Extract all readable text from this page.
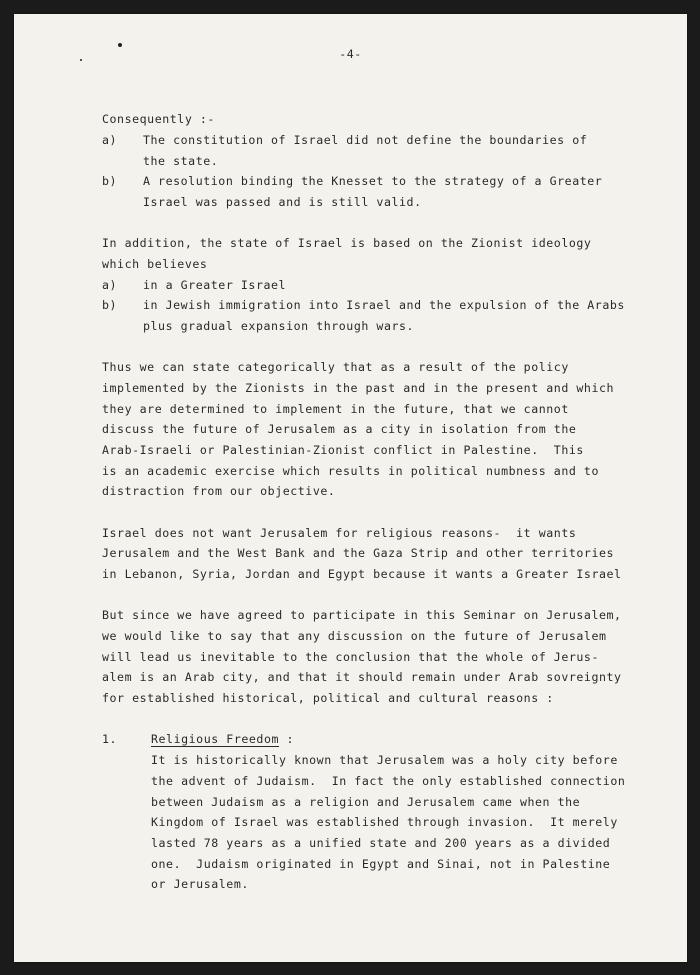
-4-
Consequently :-
a) The constitution of Israel did not define the boundaries of
the state.
b) A resolution binding the Knesset to the strategy of a Greater
Israel was passed and is still valid.
In addition, the state of Israel is based on the Zionist ideology
which believes
a) in a Greater Israel
b) in Jewish immigration into Israel and the expulsion of the Arabs
plus gradual expansion through wars.
Thus we can state categorically that as a result of the policy
implemented by the Zionists in the past and in the present and which
they are determined to implement in the future, that we cannot
discuss the future of Jerusalem as a city in isolation from the
Arab-Israeli or Palestinian-Zionist conflict in Palestine.  This
is an academic exercise which results in political numbness and to
distraction from our objective.
Israel does not want Jerusalem for religious reasons-  it wants
Jerusalem and the West Bank and the Gaza Strip and other territories
in Lebanon, Syria, Jordan and Egypt because it wants a Greater Israel
But since we have agreed to participate in this Seminar on Jerusalem,
we would like to say that any discussion on the future of Jerusalem
will lead us inevitable to the conclusion that the whole of Jerus-
alem is an Arab city, and that it should remain under Arab sovreignty
for established historical, political and cultural reasons :
1.	Religious Freedom :
It is historically known that Jerusalem was a holy city before
the advent of Judaism.  In fact the only established connection
between Judaism as a religion and Jerusalem came when the
Kingdom of Israel was established through invasion.  It merely
lasted 78 years as a unified state and 200 years as a divided
one.  Judaism originated in Egypt and Sinai, not in Palestine
or Jerusalem.
